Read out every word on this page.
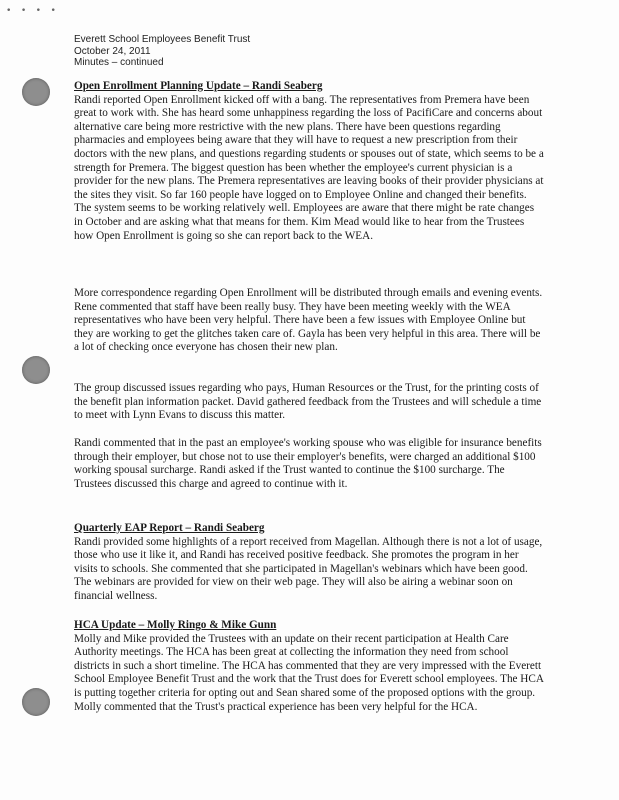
• • • •
Everett School Employees Benefit Trust
October 24, 2011
Minutes – continued
Open Enrollment Planning Update – Randi Seaberg
Randi reported Open Enrollment kicked off with a bang. The representatives from Premera have been great to work with. She has heard some unhappiness regarding the loss of PacifiCare and concerns about alternative care being more restrictive with the new plans. There have been questions regarding pharmacies and employees being aware that they will have to request a new prescription from their doctors with the new plans, and questions regarding students or spouses out of state, which seems to be a strength for Premera. The biggest question has been whether the employee's current physician is a provider for the new plans. The Premera representatives are leaving books of their provider physicians at the sites they visit. So far 160 people have logged on to Employee Online and changed their benefits. The system seems to be working relatively well. Employees are aware that there might be rate changes in October and are asking what that means for them. Kim Mead would like to hear from the Trustees how Open Enrollment is going so she can report back to the WEA.
More correspondence regarding Open Enrollment will be distributed through emails and evening events. Rene commented that staff have been really busy. They have been meeting weekly with the WEA representatives who have been very helpful. There have been a few issues with Employee Online but they are working to get the glitches taken care of. Gayla has been very helpful in this area. There will be a lot of checking once everyone has chosen their new plan.
The group discussed issues regarding who pays, Human Resources or the Trust, for the printing costs of the benefit plan information packet. David gathered feedback from the Trustees and will schedule a time to meet with Lynn Evans to discuss this matter.
Randi commented that in the past an employee's working spouse who was eligible for insurance benefits through their employer, but chose not to use their employer's benefits, were charged an additional $100 working spousal surcharge. Randi asked if the Trust wanted to continue the $100 surcharge. The Trustees discussed this charge and agreed to continue with it.
Quarterly EAP Report – Randi Seaberg
Randi provided some highlights of a report received from Magellan. Although there is not a lot of usage, those who use it like it, and Randi has received positive feedback. She promotes the program in her visits to schools. She commented that she participated in Magellan's webinars which have been good. The webinars are provided for view on their web page. They will also be airing a webinar soon on financial wellness.
HCA Update – Molly Ringo & Mike Gunn
Molly and Mike provided the Trustees with an update on their recent participation at Health Care Authority meetings. The HCA has been great at collecting the information they need from school districts in such a short timeline. The HCA has commented that they are very impressed with the Everett School Employee Benefit Trust and the work that the Trust does for Everett school employees. The HCA is putting together criteria for opting out and Sean shared some of the proposed options with the group. Molly commented that the Trust's practical experience has been very helpful for the HCA.
